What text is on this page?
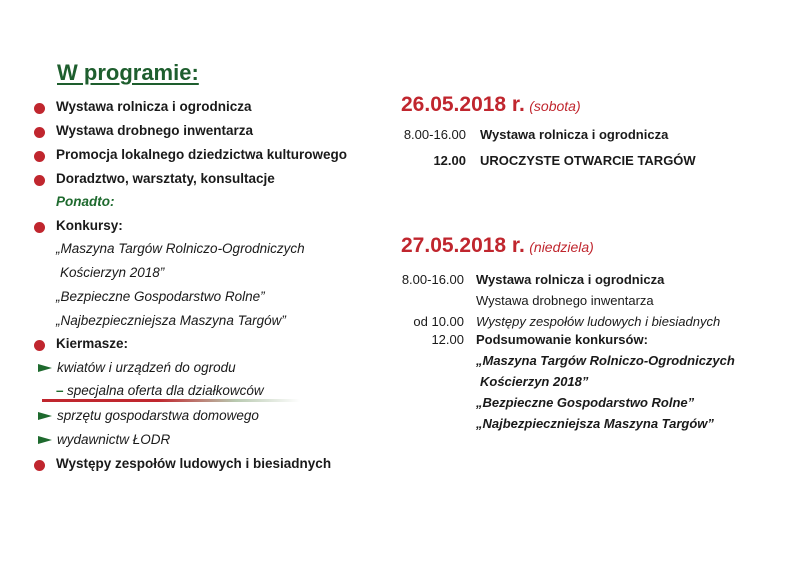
W programie:
Wystawa rolnicza i ogrodnicza
Wystawa drobnego inwentarza
Promocja lokalnego dziedzictwa kulturowego
Doradztwo, warsztaty, konsultacje
Ponadto:
Konkursy:
„Maszyna Targów Rolniczo-Ogrodniczych
Kościerzyn 2018”
„Bezpieczne Gospodarstwo Rolne”
„Najbezpieczniejsza Maszyna Targów”
Kiermasze:
kwiatów i urządzeń do ogrodu
– specjalna oferta dla działkowców
sprzętu gospodarstwa domowego
wydawnictw ŁODR
Występy zespołów ludowych i biesiadnych
26.05.2018 r. (sobota)
8.00-16.00 Wystawa rolnicza i ogrodnicza
12.00 UROCZYSTE OTWARCIE TARGÓW
27.05.2018 r. (niedziela)
8.00-16.00 Wystawa rolnicza i ogrodnicza
Wystawa drobnego inwentarza
od 10.00 Występy zespołów ludowych i biesiadnych
12.00 Podsumowanie konkursów:
„Maszyna Targów Rolniczo-Ogrodniczych
Kościerzyn 2018”
„Bezpieczne Gospodarstwo Rolne”
„Najbezpieczniejsza Maszyna Targów”
